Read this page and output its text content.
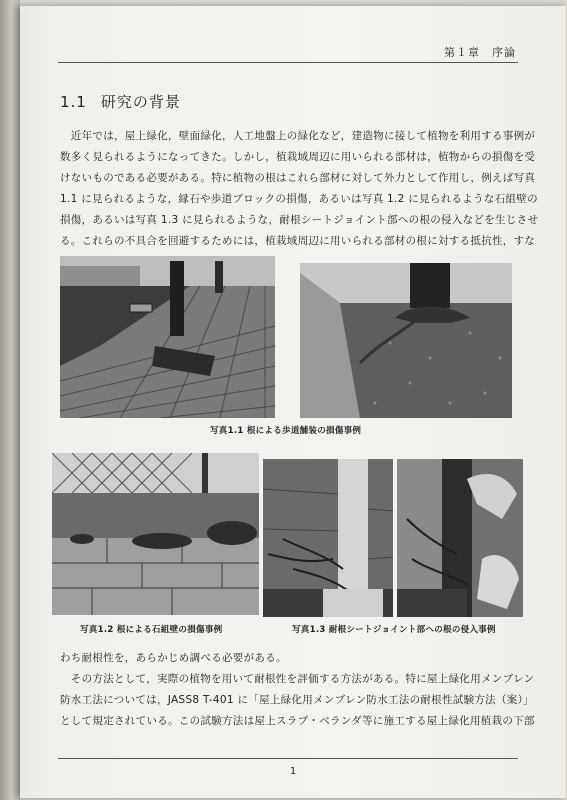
第１章　序論
1.1 研究の背景
　近年では，屋上緑化，壁面緑化，人工地盤上の緑化など，建造物に接して植物を利用する事例が
数多く見られるようになってきた。しかし，植栽域周辺に用いられる部材は，植物からの損傷を受
けないものである必要がある。特に植物の根はこれら部材に対して外力として作用し，例えば写真
1.1 に見られるような，縁石や歩道ブロックの損傷，あるいは写真 1.2 に見られるような石組壁の
損傷，あるいは写真 1.3 に見られるような，耐根シートジョイント部への根の侵入などを生じさせ
る。これらの不具合を回避するためには，植栽域周辺に用いられる部材の根に対する抵抗性，すな
写真1.1 根による歩道舗装の損傷事例
写真1.2 根による石組壁の損傷事例	写真1.3 耐根シートジョイント部への根の侵入事例
わち耐根性を，あらかじめ調べる必要がある。
　その方法として，実際の植物を用いて耐根性を評価する方法がある。特に屋上緑化用メンブレン
防水工法については，JASS8 T-401 に「屋上緑化用メンブレン防水工法の耐根性試験方法（案）」
として規定されている。この試験方法は屋上スラブ・ベランダ等に施工する屋上緑化用植栽の下部
1
